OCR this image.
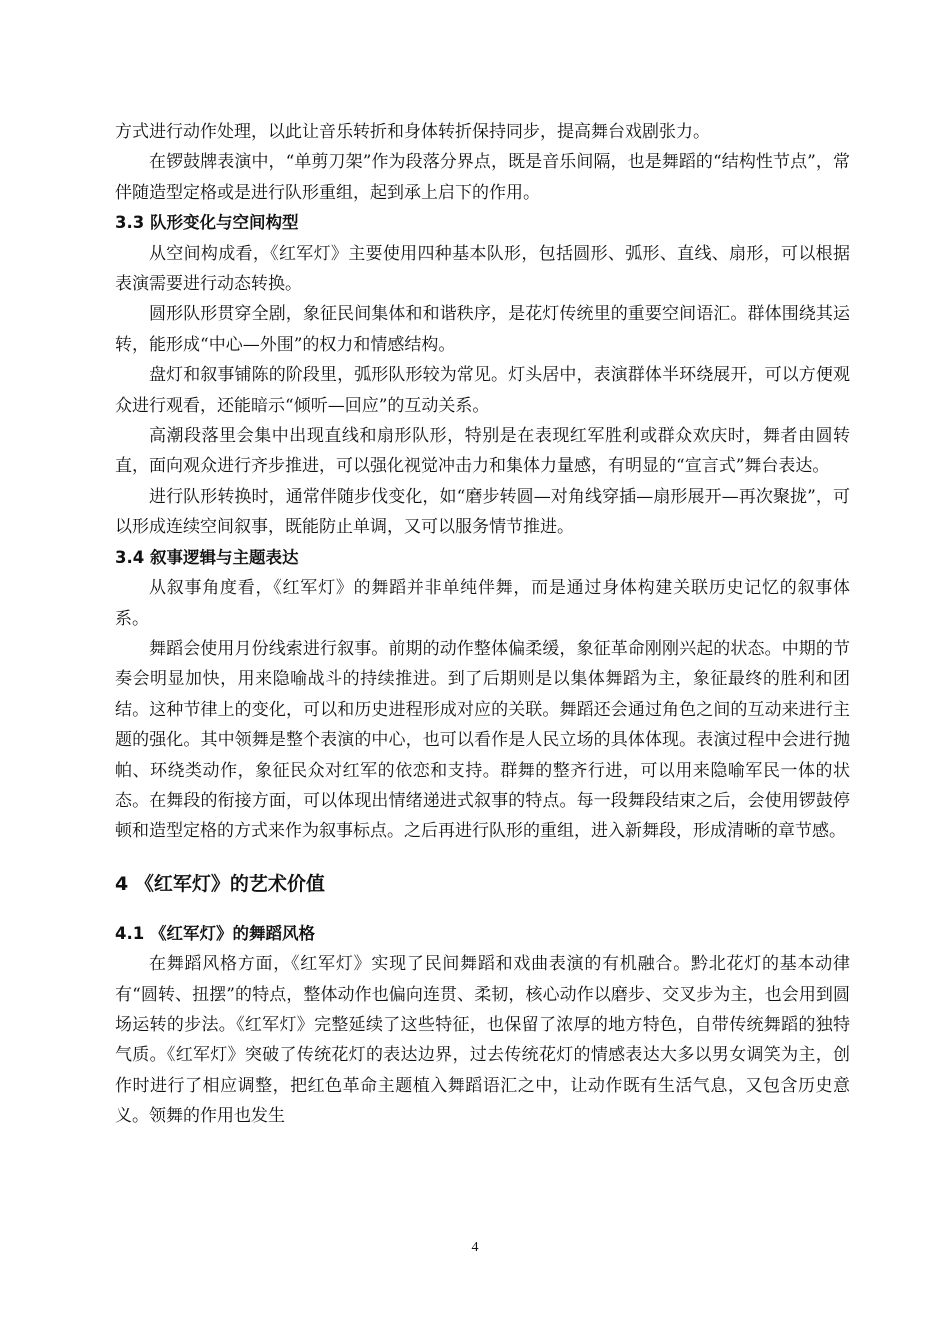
方式进行动作处理，以此让音乐转折和身体转折保持同步，提高舞台戏剧张力。

在锣鼓牌表演中，“单剪刀架”作为段落分界点，既是音乐间隔，也是舞蹈的“结构性节点”，常伴随造型定格或是进行队形重组，起到承上启下的作用。

3.3 队形变化与空间构型

从空间构成看，《红军灯》主要使用四种基本队形，包括圆形、弧形、直线、扇形，可以根据表演需要进行动态转换。

圆形队形贯穿全剧，象征民间集体和和谐秩序，是花灯传统里的重要空间语汇。群体围绕其运转，能形成“中心—外围”的权力和情感结构。

盘灯和叙事铺陈的阶段里，弧形队形较为常见。灯头居中，表演群体半环绕展开，可以方便观众进行观看，还能暗示“倾听—回应”的互动关系。

高潮段落里会集中出现直线和扇形队形，特别是在表现红军胜利或群众欢庆时，舞者由圆转直，面向观众进行齐步推进，可以强化视觉冲击力和集体力量感，有明显的“宣言式”舞台表达。

进行队形转换时，通常伴随步伐变化，如“磨步转圆—对角线穿插—扇形展开—再次聚拢”，可以形成连续空间叙事，既能防止单调，又可以服务情节推进。

3.4 叙事逻辑与主题表达

从叙事角度看，《红军灯》的舞蹈并非单纯伴舞，而是通过身体构建关联历史记忆的叙事体系。

舞蹈会使用月份线索进行叙事。前期的动作整体偏柔缓，象征革命刚刚兴起的状态。中期的节奏会明显加快，用来隐喻战斗的持续推进。到了后期则是以集体舞蹈为主，象征最终的胜利和团结。这种节律上的变化，可以和历史进程形成对应的关联。舞蹈还会通过角色之间的互动来进行主题的强化。其中领舞是整个表演的中心，也可以看作是人民立场的具体体现。表演过程中会进行抛帕、环绕类动作，象征民众对红军的依恋和支持。群舞的整齐行进，可以用来隐喻军民一体的状态。在舞段的衔接方面，可以体现出情绪递进式叙事的特点。每一段舞段结束之后，会使用锣鼓停顿和造型定格的方式来作为叙事标点。之后再进行队形的重组，进入新舞段，形成清晰的章节感。

4 《红军灯》的艺术价值
4.1 《红军灯》的舞蹈风格

在舞蹈风格方面，《红军灯》实现了民间舞蹈和戏曲表演的有机融合。黔北花灯的基本动律有“圆转、扭摆”的特点，整体动作也偏向连贯、柔韧，核心动作以磨步、交叉步为主，也会用到圆场运转的步法。《红军灯》完整延续了这些特征，也保留了浓厚的地方特色，自带传统舞蹈的独特气质。《红军灯》突破了传统花灯的表达边界，过去传统花灯的情感表达大多以男女调笑为主，创作时进行了相应调整，把红色革命主题植入舞蹈语汇之中，让动作既有生活气息，又包含历史意义。领舞的作用也发生

4
